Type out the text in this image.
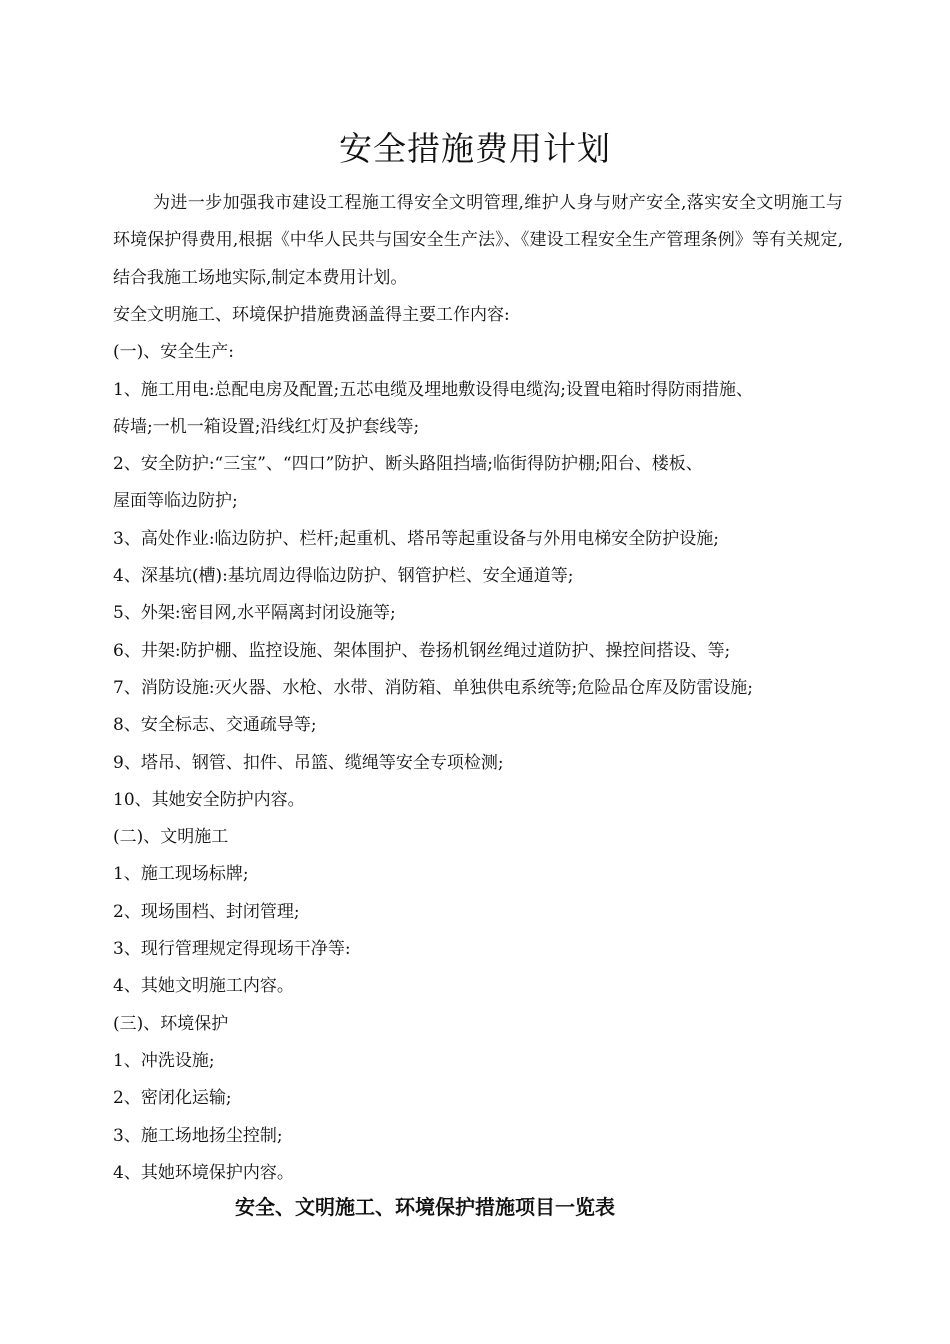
安全措施费用计划

为进一步加强我市建设工程施工得安全文明管理,维护人身与财产安全,落实安全文明施工与环境保护得费用,根据《中华人民共与国安全生产法》、《建设工程安全生产管理条例》等有关规定,结合我施工场地实际,制定本费用计划。

安全文明施工、环境保护措施费涵盖得主要工作内容:
(一)、安全生产:
1、施工用电:总配电房及配置;五芯电缆及埋地敷设得电缆沟;设置电箱时得防雨措施、
砖墙;一机一箱设置;沿线红灯及护套线等;
2、安全防护:“三宝”、“四口”防护、断头路阻挡墙;临街得防护棚;阳台、楼板、
屋面等临边防护;
3、高处作业:临边防护、栏杆;起重机、塔吊等起重设备与外用电梯安全防护设施;
4、深基坑(槽):基坑周边得临边防护、钢管护栏、安全通道等;
5、外架:密目网,水平隔离封闭设施等;
6、井架:防护棚、监控设施、架体围护、卷扬机钢丝绳过道防护、操控间搭设、等;
7、消防设施:灭火器、水枪、水带、消防箱、单独供电系统等;危险品仓库及防雷设施;
8、安全标志、交通疏导等;
9、塔吊、钢管、扣件、吊篮、缆绳等安全专项检测;
10、其她安全防护内容。
(二)、文明施工
1、施工现场标牌;
2、现场围档、封闭管理;
3、现行管理规定得现场干净等:
4、其她文明施工内容。
(三)、环境保护
1、冲洗设施;
2、密闭化运输;
3、施工场地扬尘控制;
4、其她环境保护内容。
安全、文明施工、环境保护措施项目一览表
